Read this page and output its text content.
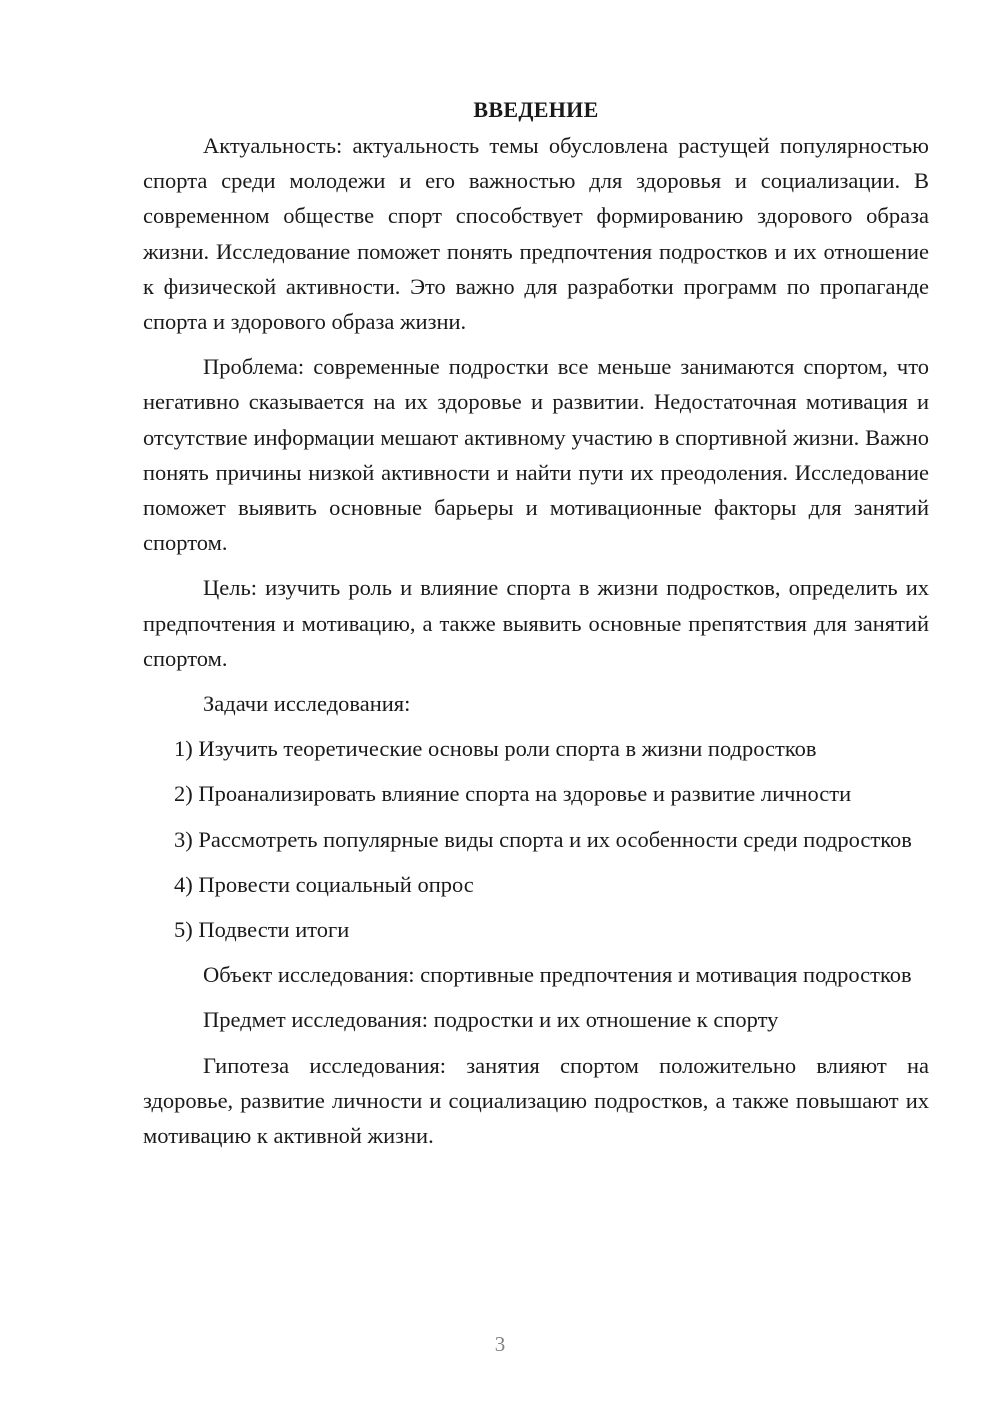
ВВЕДЕНИЕ

Актуальность: актуальность темы обусловлена растущей популярностью спорта среди молодежи и его важностью для здоровья и социализации. В современном обществе спорт способствует формированию здорового образа жизни. Исследование поможет понять предпочтения подростков и их отношение к физической активности. Это важно для разработки программ по пропаганде спорта и здорового образа жизни.

Проблема: современные подростки все меньше занимаются спортом, что негативно сказывается на их здоровье и развитии. Недостаточная мотивация и отсутствие информации мешают активному участию в спортивной жизни. Важно понять причины низкой активности и найти пути их преодоления. Исследование поможет выявить основные барьеры и мотивационные факторы для занятий спортом.

Цель: изучить роль и влияние спорта в жизни подростков, определить их предпочтения и мотивацию, а также выявить основные препятствия для занятий спортом.

Задачи исследования:

1) Изучить теоретические основы роли спорта в жизни подростков

2) Проанализировать влияние спорта на здоровье и развитие личности

3) Рассмотреть популярные виды спорта и их особенности среди подростков

4) Провести социальный опрос

5) Подвести итоги

Объект исследования: спортивные предпочтения и мотивация подростков

Предмет исследования: подростки и их отношение к спорту

Гипотеза исследования: занятия спортом положительно влияют на здоровье, развитие личности и социализацию подростков, а также повышают их мотивацию к активной жизни.

3
